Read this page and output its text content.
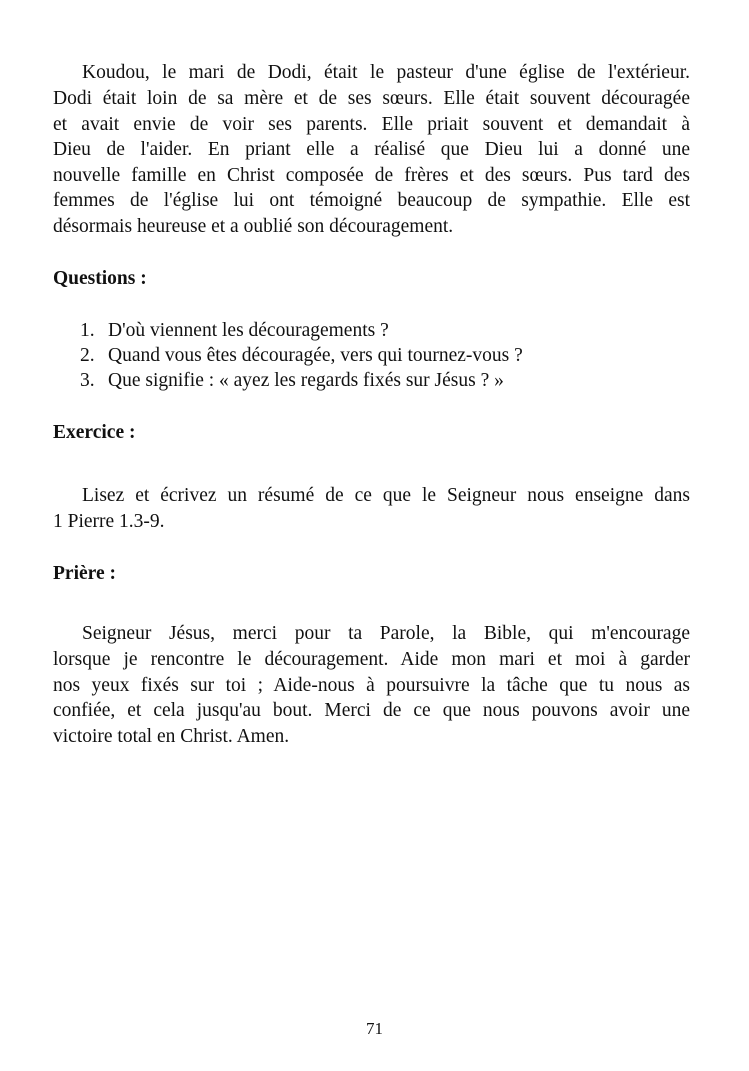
Koudou, le mari de Dodi, était le pasteur d'une église de l'extérieur.
Dodi était loin de sa mère et de ses sœurs. Elle était souvent découragée
et avait envie de voir ses parents. Elle priait souvent et demandait à
Dieu de l'aider. En priant elle a réalisé que Dieu lui a donné une
nouvelle famille en Christ composée de frères et des sœurs. Pus tard des
femmes de l'église lui ont témoigné beaucoup de sympathie. Elle est
désormais heureuse et a oublié son découragement.
Questions :
1. D'où viennent les découragements ?
2. Quand vous êtes découragée, vers qui tournez-vous ?
3. Que signifie : « ayez les regards fixés sur Jésus ? »
Exercice :
Lisez et écrivez un résumé de ce que le Seigneur nous enseigne dans
1 Pierre 1.3-9.
Prière :
Seigneur Jésus, merci pour ta Parole, la Bible, qui m'encourage
lorsque je rencontre le découragement. Aide mon mari et moi à garder
nos yeux fixés sur toi ; Aide-nous à poursuivre la tâche que tu nous as
confiée, et cela jusqu'au bout. Merci de ce que nous pouvons avoir une
victoire total en Christ. Amen.
71
